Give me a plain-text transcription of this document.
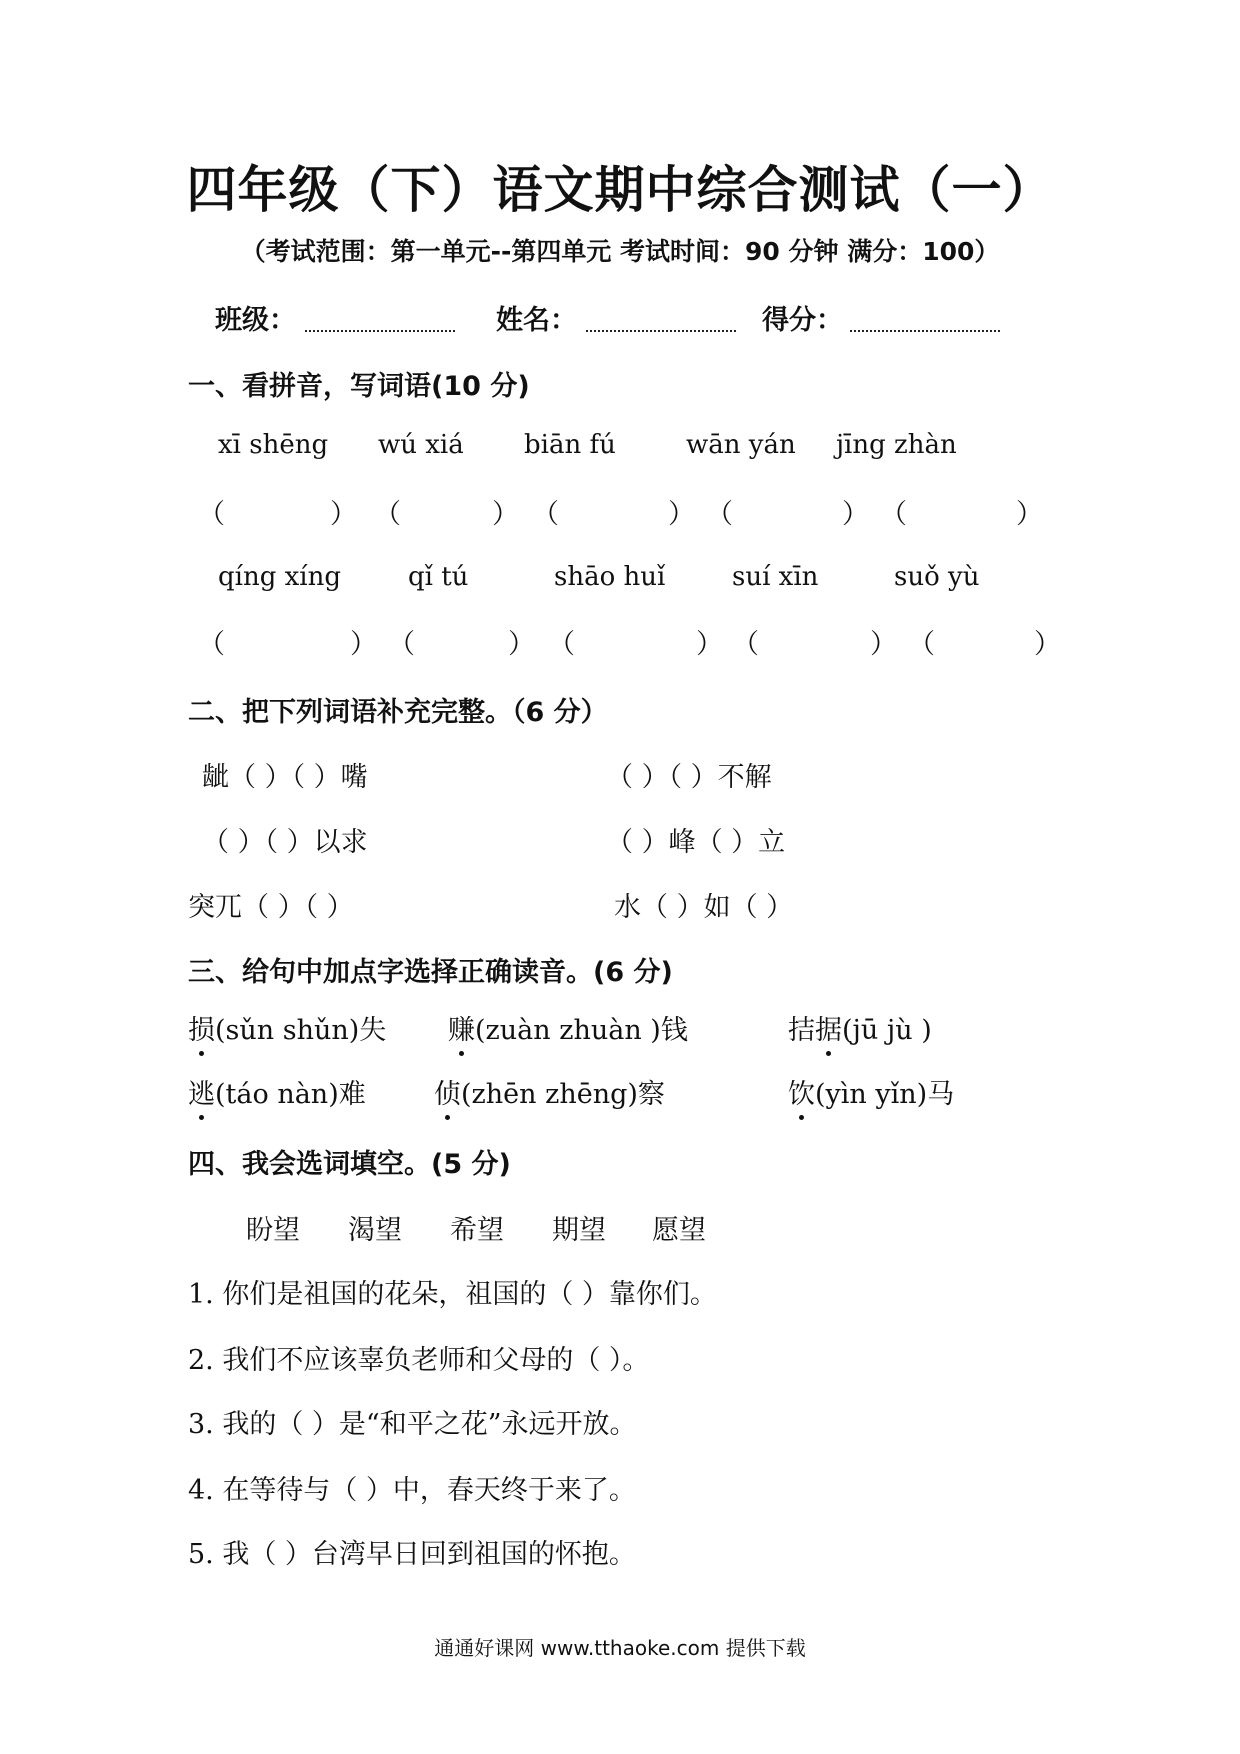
四年级（下）语文期中综合测试（一）
（考试范围：第一单元--第四单元 考试时间：90 分钟 满分：100）
班级：	姓名：	得分：
一、看拼音，写词语(10 分)
xī shēng wú xiá biān fú	wān yán jīng zhàn
（	） （	） （	） （	） （	）
qíng xíng	qǐ tú	shāo huǐ	suí xīn	suǒ yù
（	） （	） （	） （	） （	）
二、把下列词语补充完整。（6 分）
龇（ ）（ ）嘴	（ ）（ ）不解
（ ）（ ）以求	（ ）峰（ ）立
突兀（ ）（ ）	水（ ）如（ ）
三、给句中加点字选择正确读音。(6 分)
损(sǔn shǔn)失 赚(zuàn zhuàn )钱	拮据(jū jù )
逃(táo nàn)难	侦(zhēn zhēng)察	饮(yìn yǐn)马
四、我会选词填空。(5 分)
盼望 渴望 希望 期望 愿望
1. 你们是祖国的花朵，祖国的（ ）靠你们。
2. 我们不应该辜负老师和父母的（ ）。
3. 我的（ ）是“和平之花”永远开放。
4. 在等待与（ ）中，春天终于来了。
5. 我（ ）台湾早日回到祖国的怀抱。
通通好课网 www.tthaoke.com 提供下载
